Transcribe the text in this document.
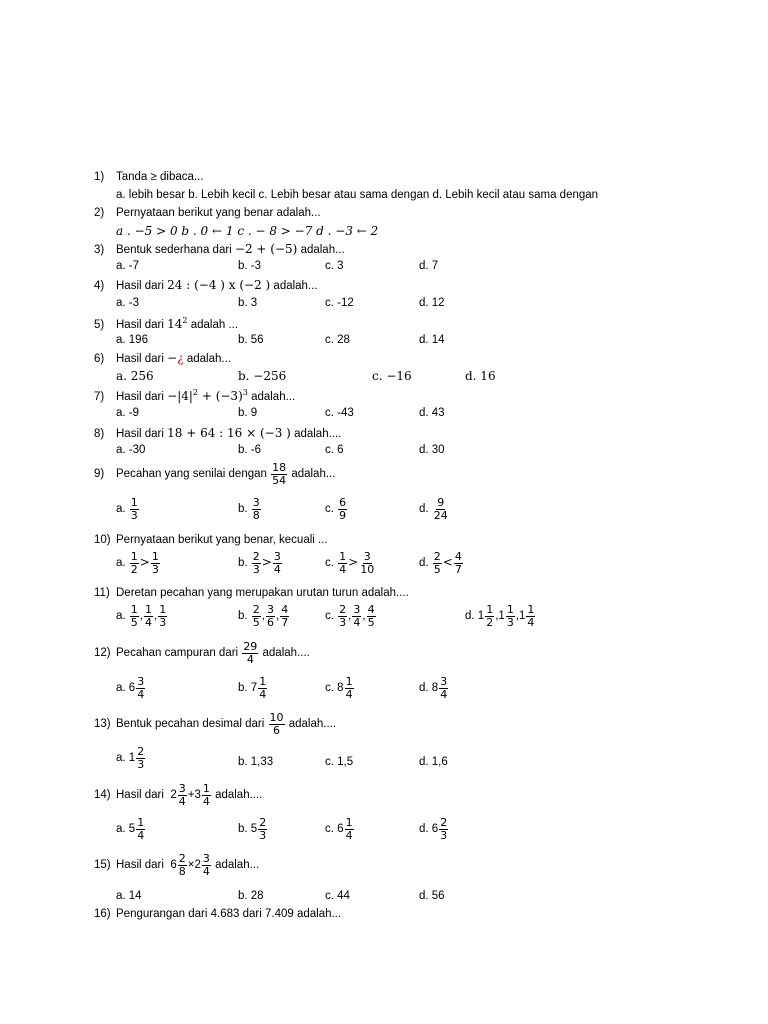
1) Tanda ≥ dibaca...
a. lebih besar b. Lebih kecil c. Lebih besar atau sama dengan d. Lebih kecil atau sama dengan
2) Pernyataan berikut yang benar adalah...
a . −5 > 0 b . 0 ← 1 c . − 8 > −7 d . −3 ← 2
3) Bentuk sederhana dari −2 + (−5) adalah...
a. -7	b. -3	c. 3	d. 7
4) Hasil dari 24 : (−4 ) x (−2 ) adalah...
a. -3	b. 3	c. -12	d. 12
5) Hasil dari $14^2$ adalah ...
a. 196	b. 56	c. 28	d. 14
6) Hasil dari −¿ adalah...
a. 256	b. −256	c. −16	d. 16
7) Hasil dari $-|4|^2 + (-3)^3$ adalah...
a. -9	b. 9	c. -43	d. 43
8) Hasil dari 18 + 64 : 16 × (−3 ) adalah....
a. -30	b. -6	c. 6	d. 30
9) Pecahan yang senilai dengan $\frac{18}{54}$ adalah...
a. $\frac{1}{3}$	b. $\frac{3}{8}$	c. $\frac{6}{9}$	d. $\frac{9}{24}$
10) Pernyataan berikut yang benar, kecuali ...
a. $\frac{1}{2} > \frac{1}{3}$	b. $\frac{2}{3} > \frac{3}{4}$	c. $\frac{1}{4} > \frac{3}{10}$	d. $\frac{2}{5} < \frac{4}{7}$
11) Deretan pecahan yang merupakan urutan turun adalah....
a. $\frac{1}{5}$ , $\frac{1}{4}$ , $\frac{1}{3}$	b. $\frac{2}{5}$ , $\frac{3}{6}$ , $\frac{4}{7}$	c. $\frac{2}{3}$ , $\frac{3}{4}$ , $\frac{4}{5}$	d. $1 \frac{1}{2} ,1 \frac{1}{3} ,1 \frac{1}{4}$
12) Pecahan campuran dari $\frac{29}{4}$ adalah....
a. $6 \frac{3}{4}$	b. $7 \frac{1}{4}$	c. $8 \frac{1}{4}$	d. $8 \frac{3}{4}$
13) Bentuk pecahan desimal dari $\frac{10}{6}$ adalah....
a. $1 \frac{2}{3}$	b. 1,33	c. 1,5	d. 1,6
14) Hasil dari $2 \frac{3}{4} +3 \frac{1}{4}$ adalah....
a. $5 \frac{1}{4}$	b. $5 \frac{2}{3}$	c. $6 \frac{1}{4}$	d. $6 \frac{2}{3}$
15) Hasil dari $6 \frac{2}{8} \times 2 \frac{3}{4}$ adalah...
a. 14	b. 28	c. 44	d. 56
16) Pengurangan dari 4.683 dari 7.409 adalah...
